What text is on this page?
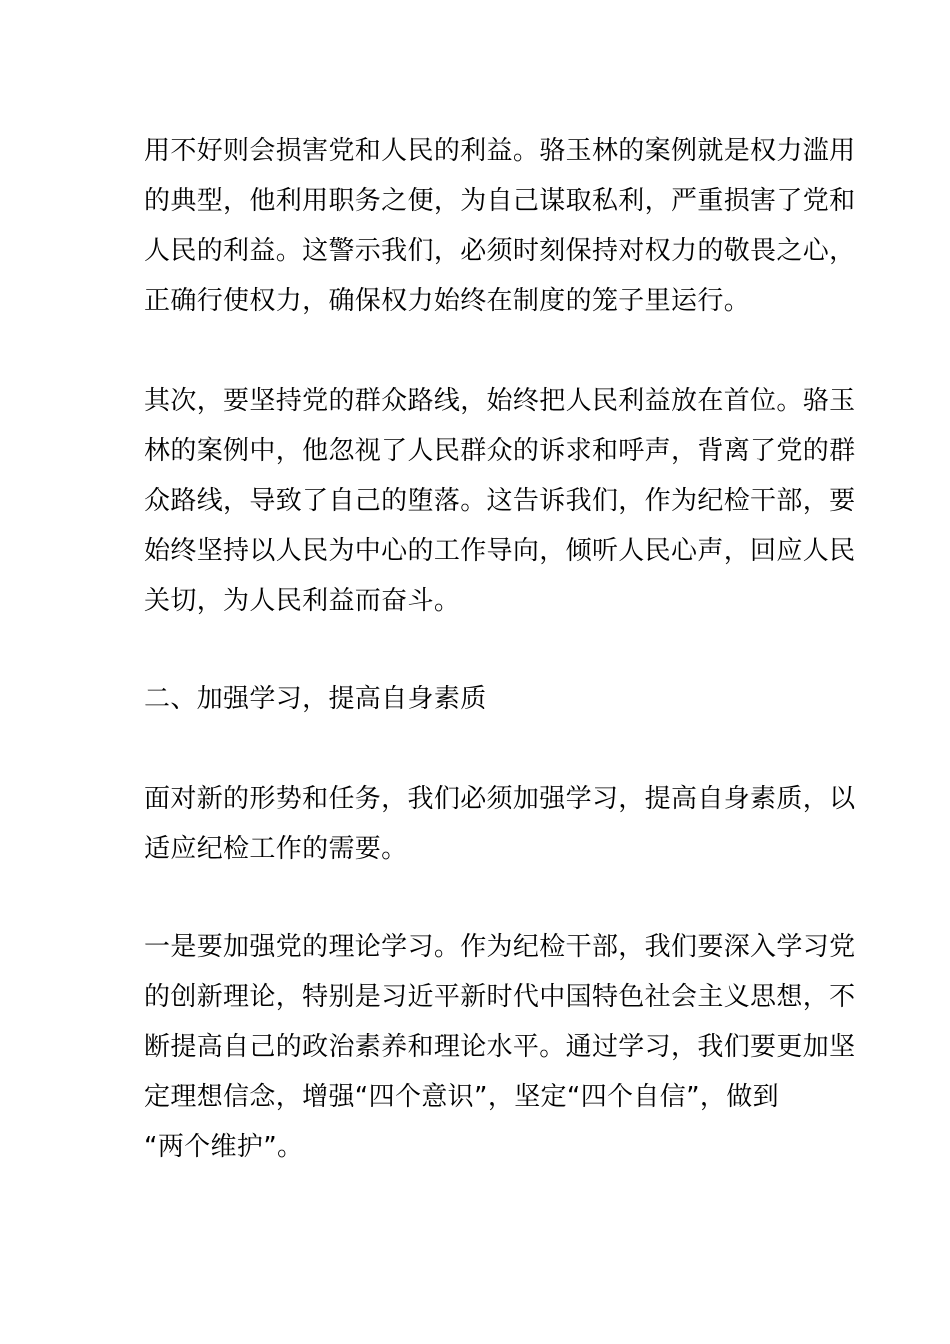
用不好则会损害党和人民的利益。骆玉林的案例就是权力滥用
的典型，他利用职务之便，为自己谋取私利，严重损害了党和
人民的利益。这警示我们，必须时刻保持对权力的敬畏之心，
正确行使权力，确保权力始终在制度的笼子里运行。
其次，要坚持党的群众路线，始终把人民利益放在首位。骆玉
林的案例中，他忽视了人民群众的诉求和呼声，背离了党的群
众路线，导致了自己的堕落。这告诉我们，作为纪检干部，要
始终坚持以人民为中心的工作导向，倾听人民心声，回应人民
关切，为人民利益而奋斗。
二、加强学习，提高自身素质
面对新的形势和任务，我们必须加强学习，提高自身素质，以
适应纪检工作的需要。
一是要加强党的理论学习。作为纪检干部，我们要深入学习党
的创新理论，特别是习近平新时代中国特色社会主义思想，不
断提高自己的政治素养和理论水平。通过学习，我们要更加坚
定理想信念，增强“四个意识”，坚定“四个自信”，做到
“两个维护”。
